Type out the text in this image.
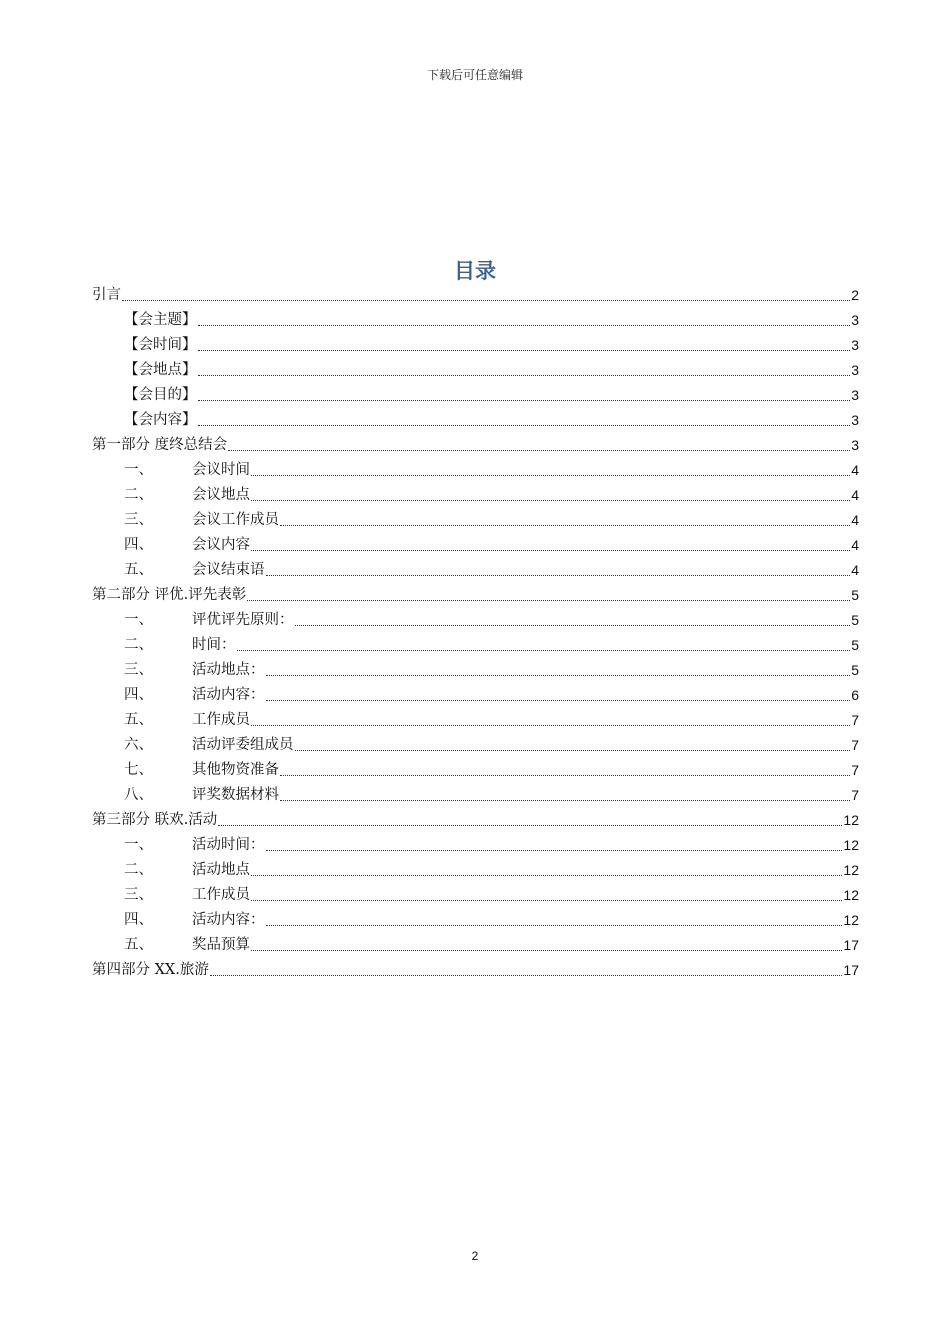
下载后可任意编辑
目录
引言	2
【会主题】	3
【会时间】	3
【会地点】	3
【会目的】	3
【会内容】	3
第一部分 度终总结会	3
一、	会议时间	4
二、	会议地点	4
三、	会议工作成员	4
四、	会议内容	4
五、	会议结束语	4
第二部分 评优.评先表彰	5
一、	评优评先原则：	5
二、	时间：	5
三、	活动地点：	5
四、	活动内容：	6
五、	工作成员	7
六、	活动评委组成员	7
七、	其他物资准备	7
八、	评奖数据材料	7
第三部分 联欢.活动	12
一、	活动时间：	12
二、	活动地点	12
三、	工作成员	12
四、	活动内容：	12
五、	奖品预算	17
第四部分 XX.旅游	17
2
